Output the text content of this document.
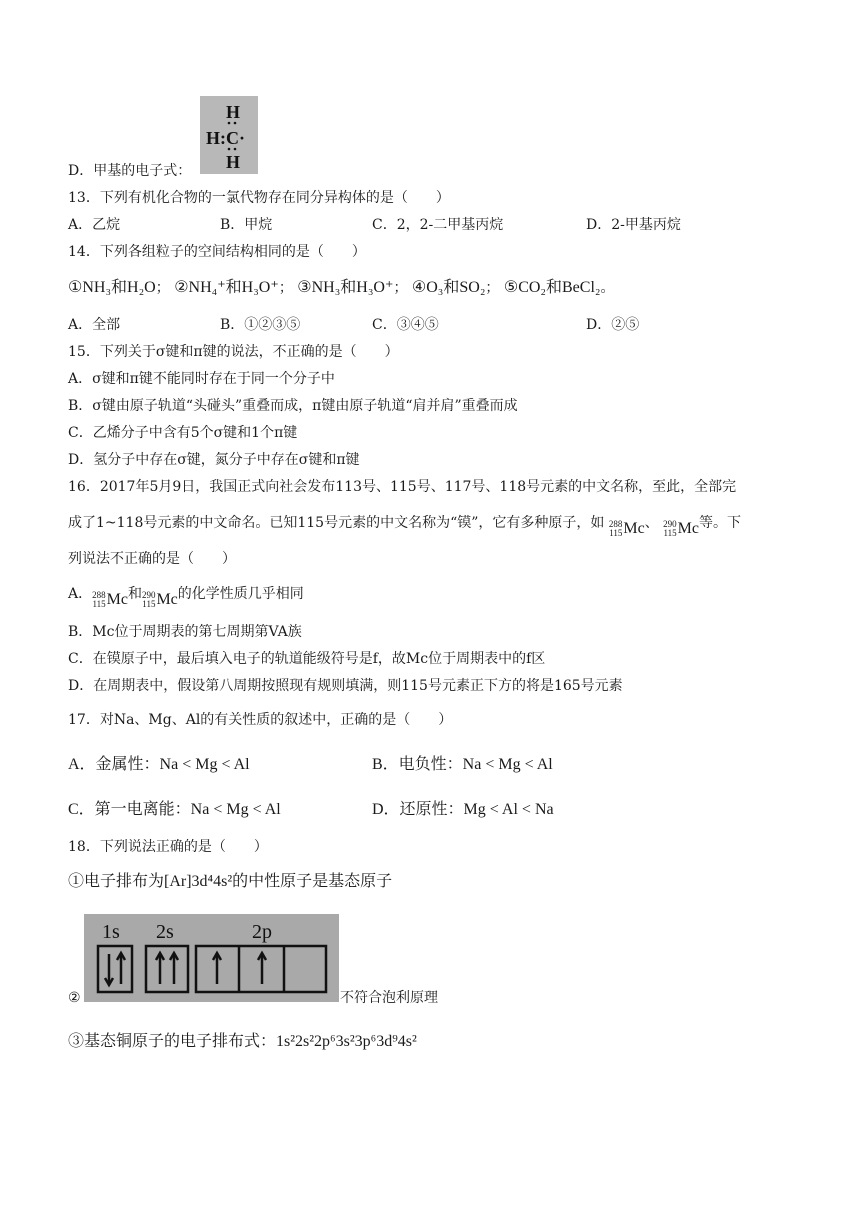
D．甲基的电子式：
H
H:C·
H
13．下列有机化合物的一氯代物存在同分异构体的是（　　）
A．乙烷	B．甲烷	C．2，2-二甲基丙烷	D．2-甲基丙烷
14．下列各组粒子的空间结构相同的是（　　）
①NH₃和H₂O； ②NH₄⁺和H₃O⁺； ③NH₃和H₃O⁺； ④O₃和SO₂； ⑤CO₂和BeCl₂。
A．全部	B．①②③⑤	C．③④⑤	D．②⑤
15．下列关于σ键和π键的说法，不正确的是（　　）
A．σ键和π键不能同时存在于同一个分子中
B．σ键由原子轨道“头碰头”重叠而成，π键由原子轨道“肩并肩”重叠而成
C．乙烯分子中含有5个σ键和1个π键
D．氢分子中存在σ键，氮分子中存在σ键和π键
16．2017年5月9日，我国正式向社会发布113号、115号、117号、118号元素的中文名称，至此，全部完
成了1~118号元素的中文命名。已知115号元素的中文名称为“镆”，它有多种原子，如 288
115 Mc 、 290
115 Mc 等。下
列说法不正确的是（　　）
A． 288
115 Mc 和 290
115 Mc 的化学性质几乎相同
B．Mc位于周期表的第七周期第VA族
C．在镆原子中，最后填入电子的轨道能级符号是f，故Mc位于周期表中的f区
D．在周期表中，假设第八周期按照现有规则填满，则115号元素正下方的将是165号元素
17．对Na、Mg、Al的有关性质的叙述中，正确的是（　　）
A．金属性：Na < Mg < Al	B．电负性：Na < Mg < Al
C．第一电离能：Na < Mg < Al	D．还原性：Mg < Al < Na
18．下列说法正确的是（　　）
①电子排布为[Ar]3d⁴4s²的中性原子是基态原子
②
1s 2s	2p
不符合泡利原理
③基态铜原子的电子排布式：1s²2s²2p⁶3s²3p⁶3d⁹4s²
